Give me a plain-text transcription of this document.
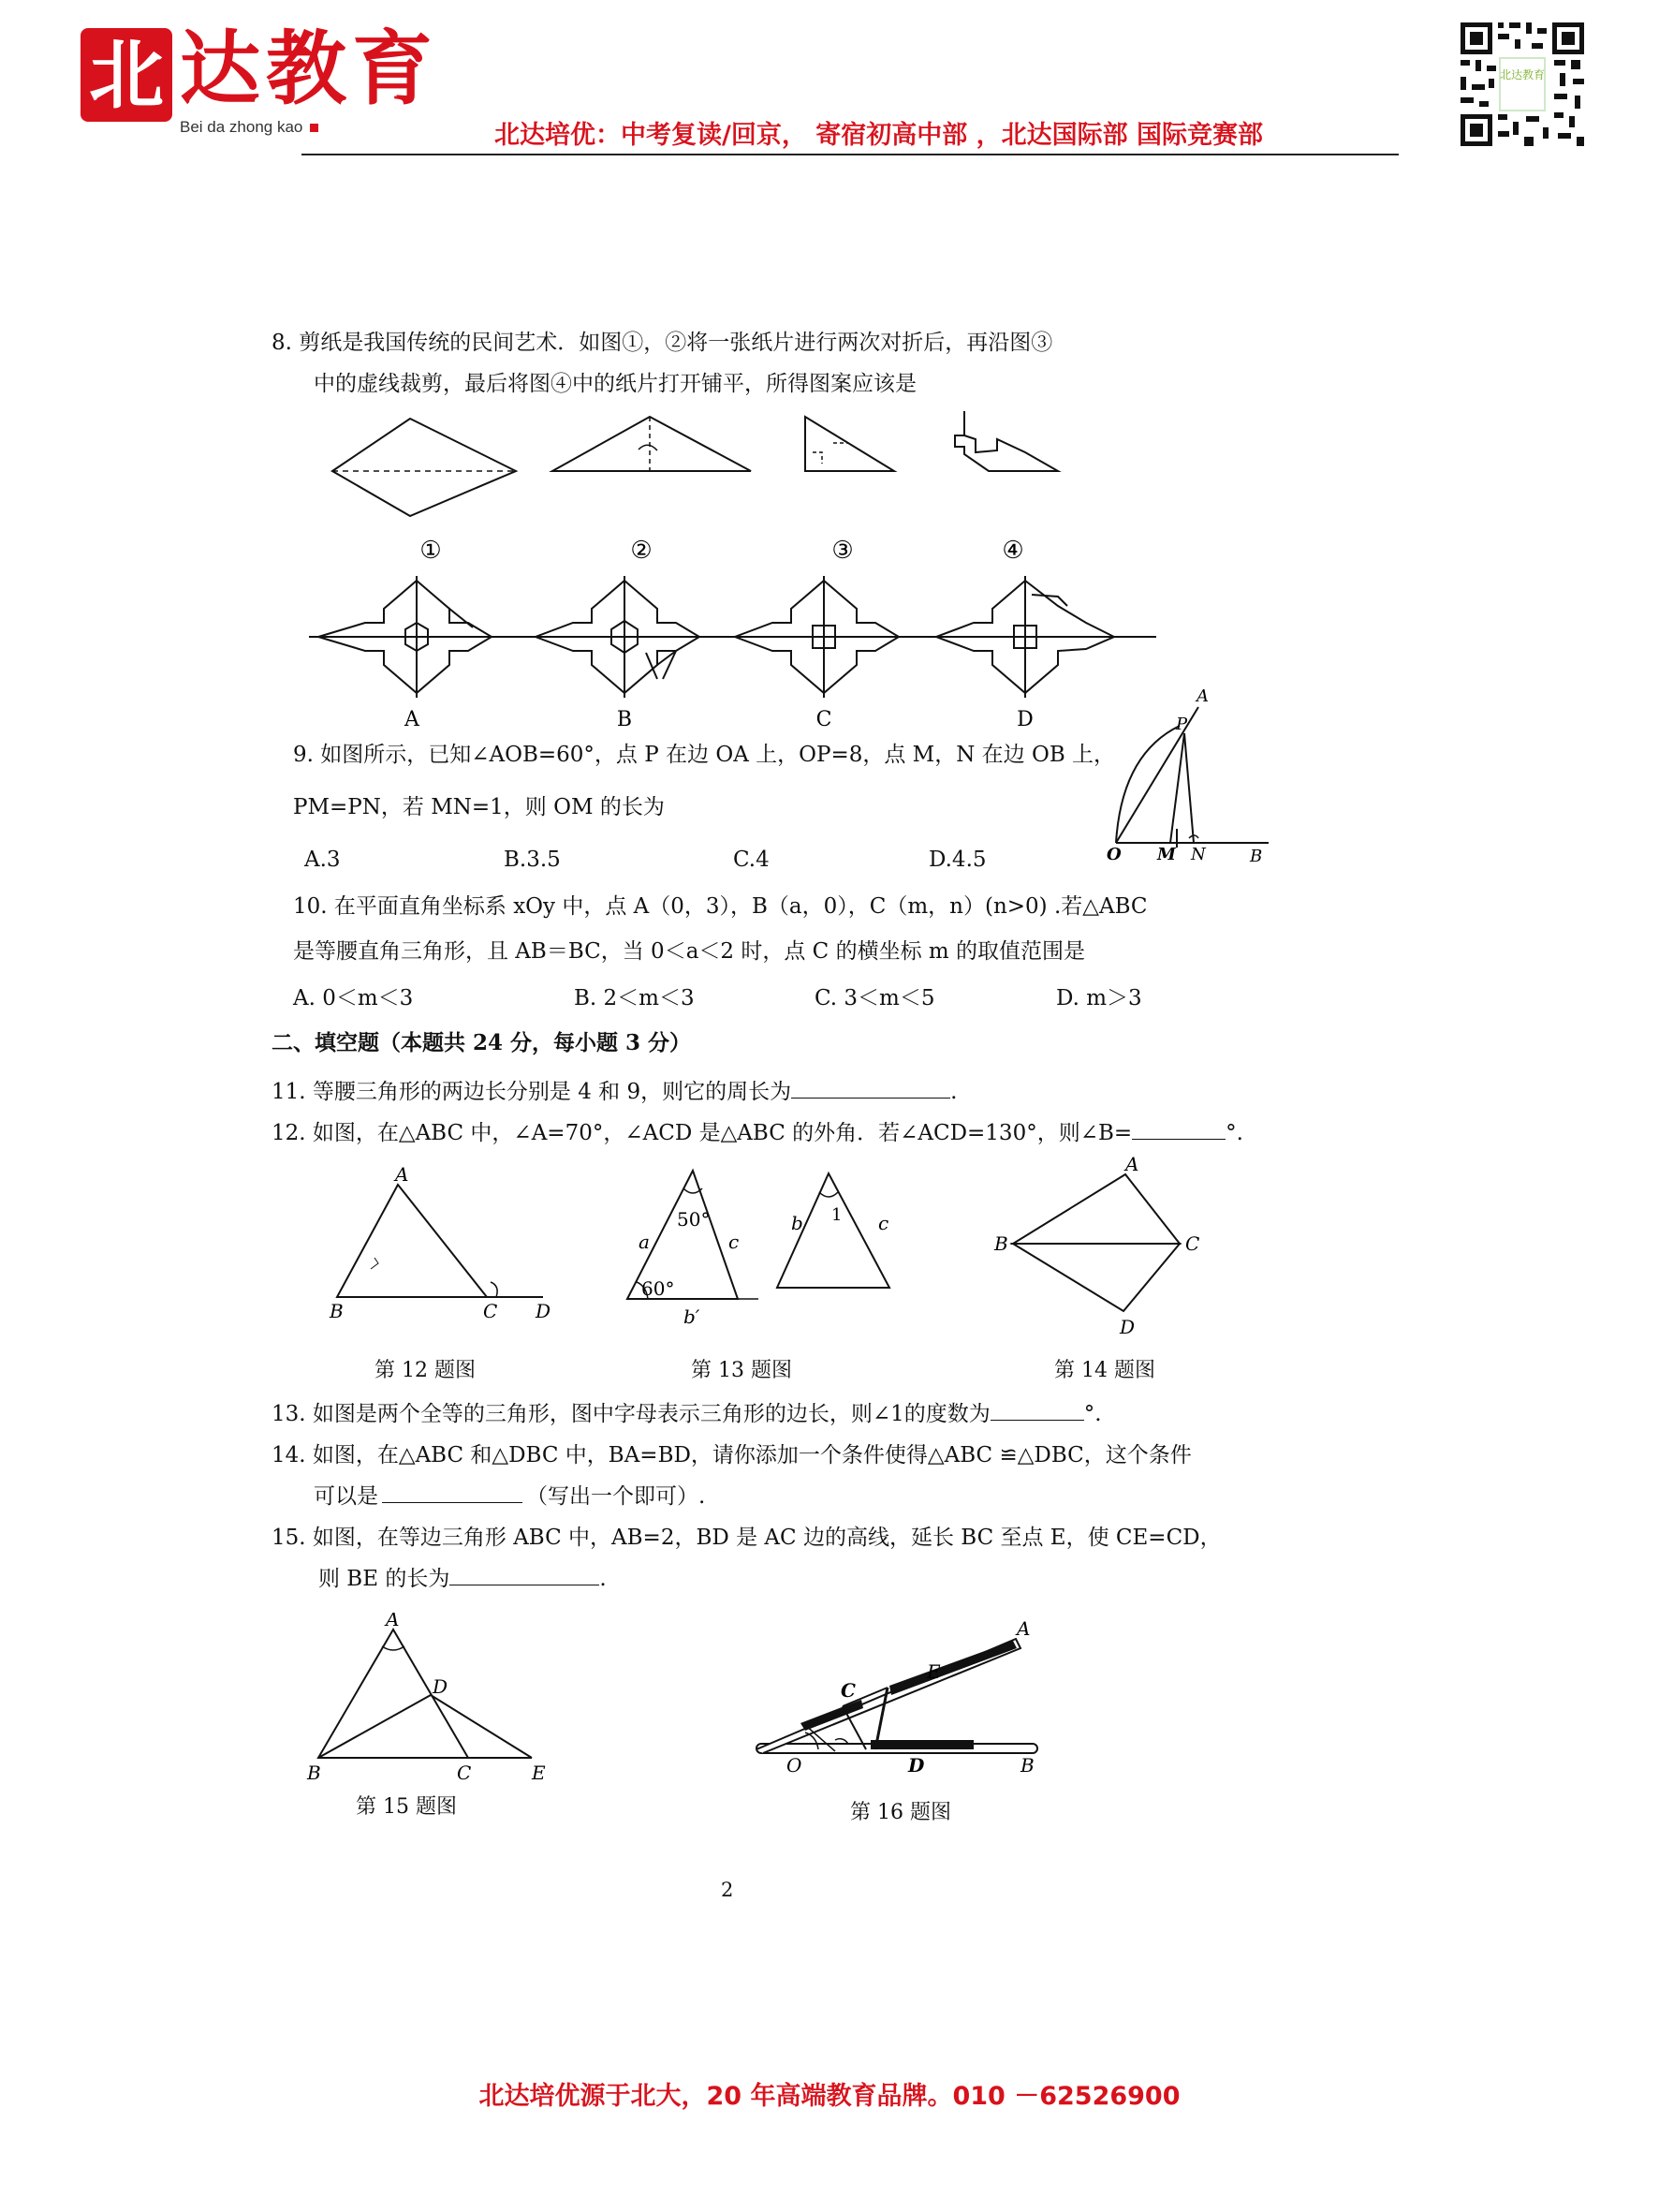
北 达教育
Bei da zhong kao	北达培优：中考复读/回京， 寄宿初高中部 ，北达国际部 国际竞赛部
北达教育
8. 剪纸是我国传统的民间艺术．如图①，②将一张纸片进行两次对折后，再沿图③
中的虚线裁剪，最后将图④中的纸片打开铺平，所得图案应该是
①	②	③	④
A	B	C	D
9. 如图所示，已知∠AOB=60°，点 P 在边 OA 上，OP=8，点 M，N 在边 OB 上，
PM=PN，若 MN=1，则 OM 的长为
A.3	B.3.5	C.4	D.4.5
A
P
O M N	B
10. 在平面直角坐标系 xOy 中，点 A（0，3），B（a，0），C（m，n）(n>0) .若△ABC
是等腰直角三角形，且 AB＝BC，当 0＜a＜2 时，点 C 的横坐标 m 的取值范围是
A. 0＜m＜3	B. 2＜m＜3	C. 3＜m＜5	D. m＞3
二、填空题（本题共 24 分，每小题 3 分）
11. 等腰三角形的两边长分别是 4 和 9，则它的周长为	.
12. 如图，在△ABC 中，∠A=70°，∠ACD 是△ABC 的外角．若∠ACD=130°，则∠B=	°.
A
B	C D
50°
60°
a	c
b′
1
b	c
A
B	C
D
第 12 题图	第 13 题图	第 14 题图
13. 如图是两个全等的三角形，图中字母表示三角形的边长，则∠1的度数为	°.
14. 如图，在△ABC 和△DBC 中，BA=BD，请你添加一个条件使得△ABC ≌△DBC，这个条件
可以是	（写出一个即可）.
15. 如图，在等边三角形 ABC 中，AB=2，BD 是 AC 边的高线，延长 BC 至点 E，使 CE=CD，
则 BE 的长为	.
A
B	C
D
E
A
B
C
D
E
O
第 15 题图	第 16 题图
2
北达培优源于北大，20 年高端教育品牌。010 －62526900
